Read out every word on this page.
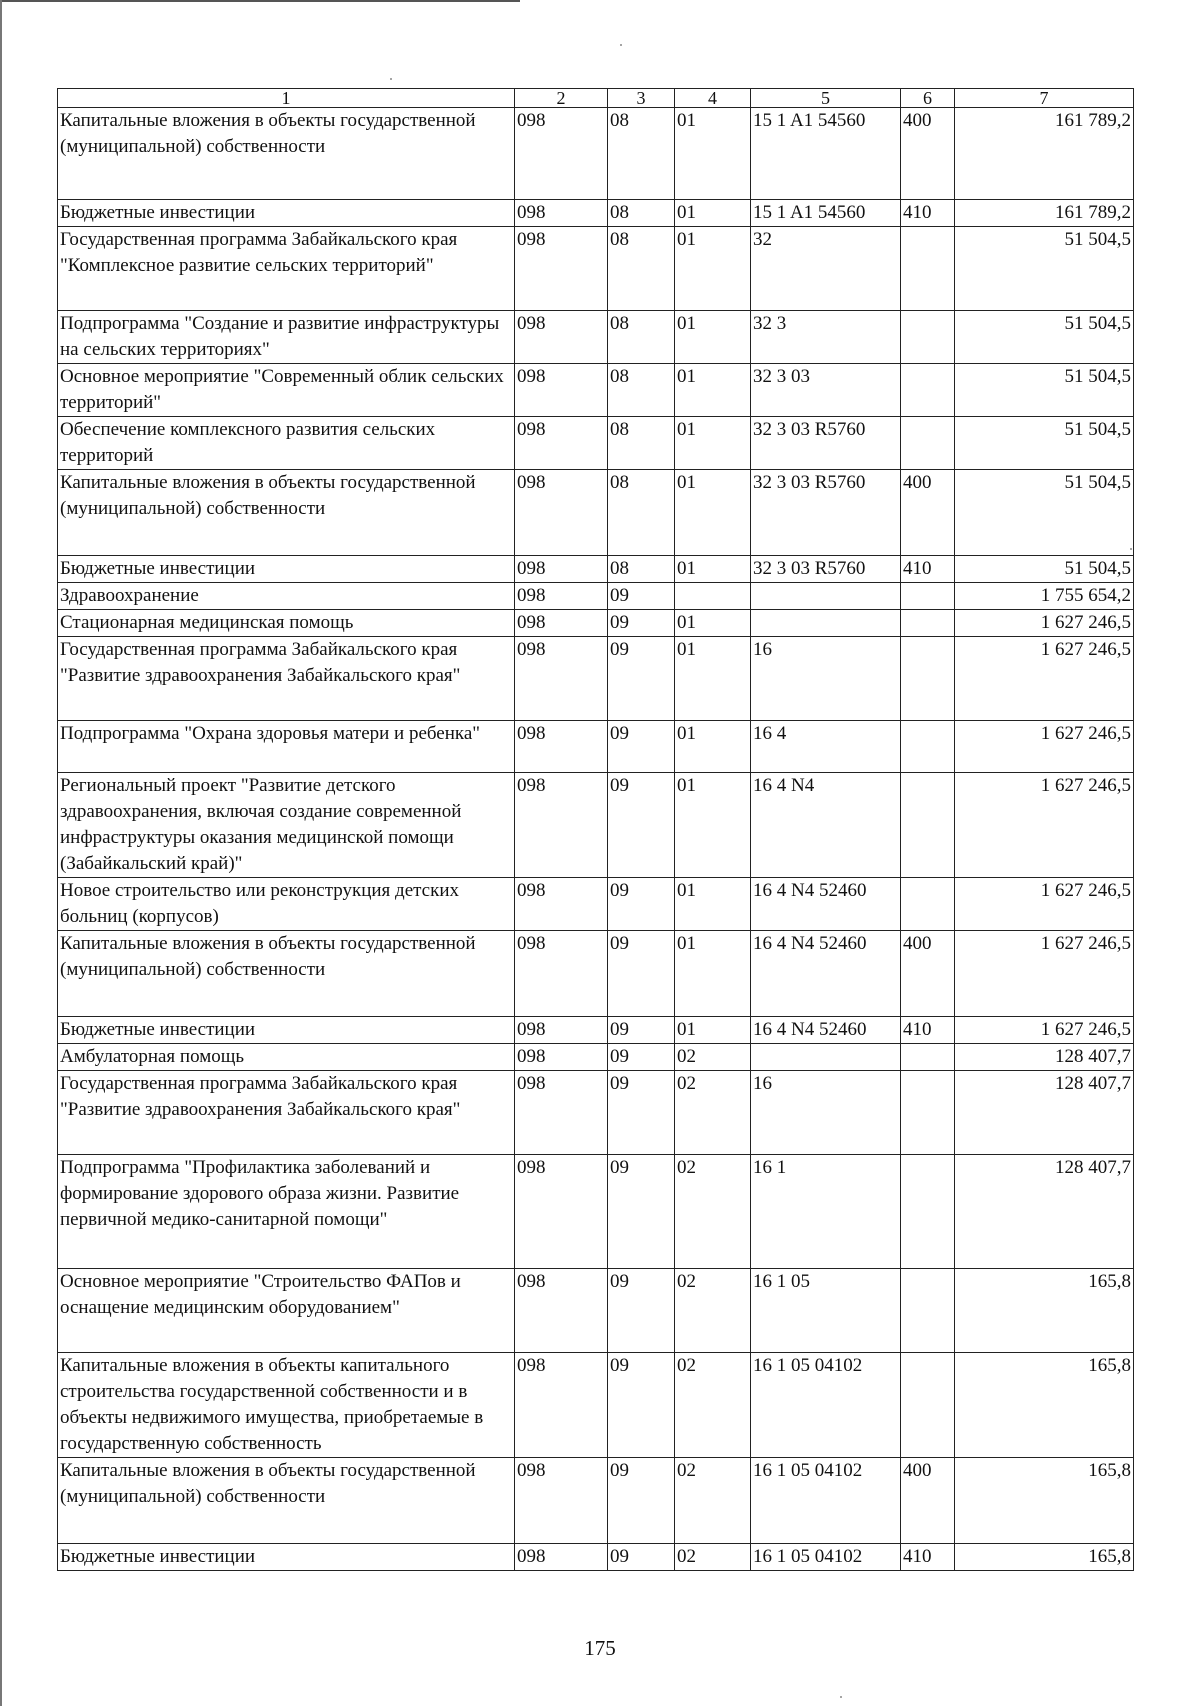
1	2	3	4	5	6	7
Капитальные вложения в объекты государственной (муниципальной) собственности	098	08	01	15 1 A1 54560	400	161 789,2
Бюджетные инвестиции	098	08	01	15 1 A1 54560	410	161 789,2
Государственная программа Забайкальского края "Комплексное развитие сельских территорий"	098	08	01	32		51 504,5
Подпрограмма "Создание и развитие инфраструктуры на сельских территориях"	098	08	01	32 3		51 504,5
Основное мероприятие "Современный облик сельских территорий"	098	08	01	32 3 03		51 504,5
Обеспечение комплексного развития сельских территорий	098	08	01	32 3 03 R5760		51 504,5
Капитальные вложения в объекты государственной (муниципальной) собственности	098	08	01	32 3 03 R5760	400	51 504,5
Бюджетные инвестиции	098	08	01	32 3 03 R5760	410	51 504,5
Здравоохранение	098	09				1 755 654,2
Стационарная медицинская помощь	098	09	01			1 627 246,5
Государственная программа Забайкальского края "Развитие здравоохранения Забайкальского края"	098	09	01	16		1 627 246,5
Подпрограмма "Охрана здоровья матери и ребенка"	098	09	01	16 4		1 627 246,5
Региональный проект "Развитие детского здравоохранения, включая создание современной инфраструктуры оказания медицинской помощи (Забайкальский край)"	098	09	01	16 4 N4		1 627 246,5
Новое строительство или реконструкция детских больниц (корпусов)	098	09	01	16 4 N4 52460		1 627 246,5
Капитальные вложения в объекты государственной (муниципальной) собственности	098	09	01	16 4 N4 52460	400	1 627 246,5
Бюджетные инвестиции	098	09	01	16 4 N4 52460	410	1 627 246,5
Амбулаторная помощь	098	09	02			128 407,7
Государственная программа Забайкальского края "Развитие здравоохранения Забайкальского края"	098	09	02	16		128 407,7
Подпрограмма "Профилактика заболеваний и формирование здорового образа жизни. Развитие первичной медико-санитарной помощи"	098	09	02	16 1		128 407,7
Основное мероприятие "Строительство ФАПов и оснащение медицинским оборудованием"	098	09	02	16 1 05		165,8
Капитальные вложения в объекты капитального строительства государственной собственности и в объекты недвижимого имущества, приобретаемые в государственную собственность	098	09	02	16 1 05 04102		165,8
Капитальные вложения в объекты государственной (муниципальной) собственности	098	09	02	16 1 05 04102	400	165,8
Бюджетные инвестиции	098	09	02	16 1 05 04102	410	165,8
175
